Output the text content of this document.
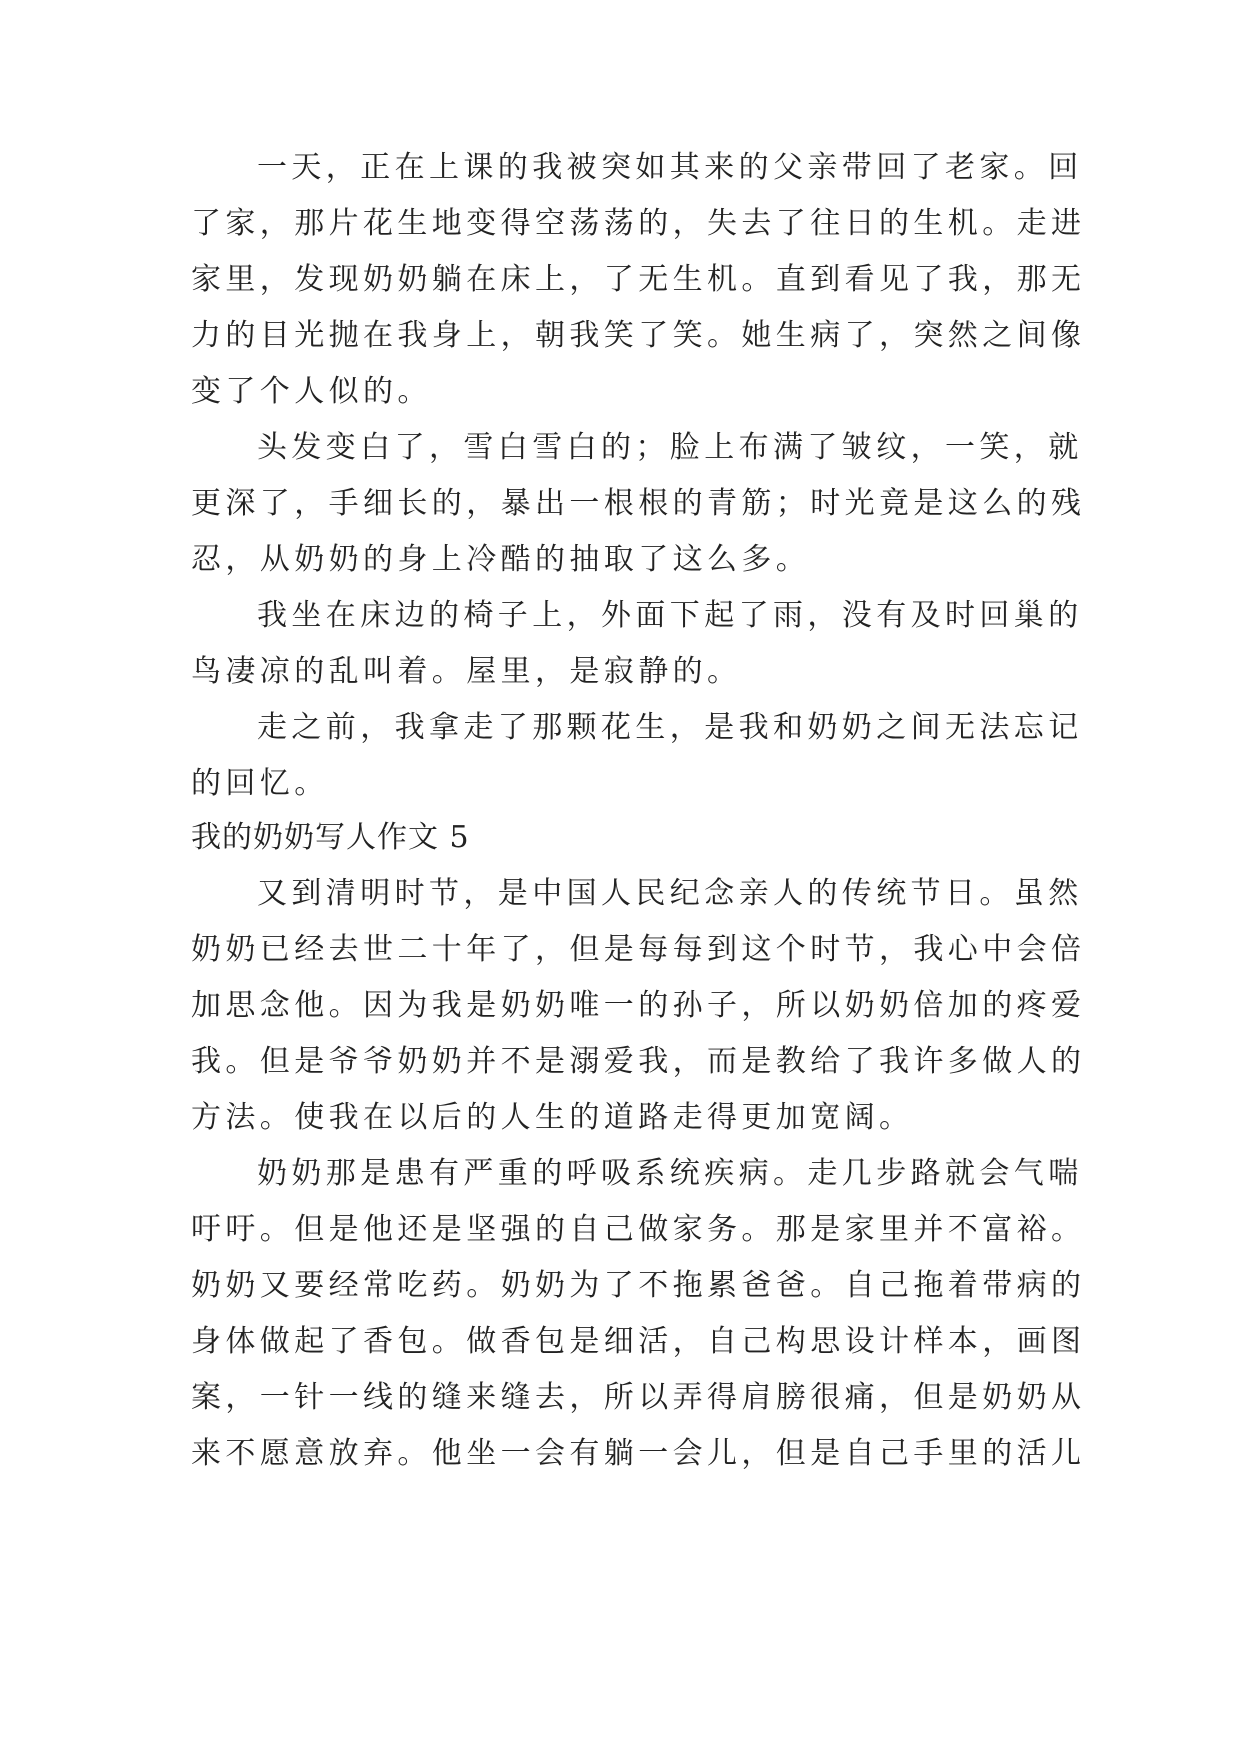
一天，正在上课的我被突如其来的父亲带回了老家。回
了家，那片花生地变得空荡荡的，失去了往日的生机。走进
家里，发现奶奶躺在床上，了无生机。直到看见了我，那无
力的目光抛在我身上，朝我笑了笑。她生病了，突然之间像
变了个人似的。
头发变白了，雪白雪白的；脸上布满了皱纹，一笑，就
更深了，手细长的，暴出一根根的青筋；时光竟是这么的残
忍，从奶奶的身上冷酷的抽取了这么多。
我坐在床边的椅子上，外面下起了雨，没有及时回巢的
鸟凄凉的乱叫着。屋里，是寂静的。
走之前，我拿走了那颗花生，是我和奶奶之间无法忘记
的回忆。
我的奶奶写人作文 5
又到清明时节，是中国人民纪念亲人的传统节日。虽然
奶奶已经去世二十年了，但是每每到这个时节，我心中会倍
加思念他。因为我是奶奶唯一的孙子，所以奶奶倍加的疼爱
我。但是爷爷奶奶并不是溺爱我，而是教给了我许多做人的
方法。使我在以后的人生的道路走得更加宽阔。
奶奶那是患有严重的呼吸系统疾病。走几步路就会气喘
吁吁。但是他还是坚强的自己做家务。那是家里并不富裕。
奶奶又要经常吃药。奶奶为了不拖累爸爸。自己拖着带病的
身体做起了香包。做香包是细活，自己构思设计样本，画图
案，一针一线的缝来缝去，所以弄得肩膀很痛，但是奶奶从
来不愿意放弃。他坐一会有躺一会儿，但是自己手里的活儿
